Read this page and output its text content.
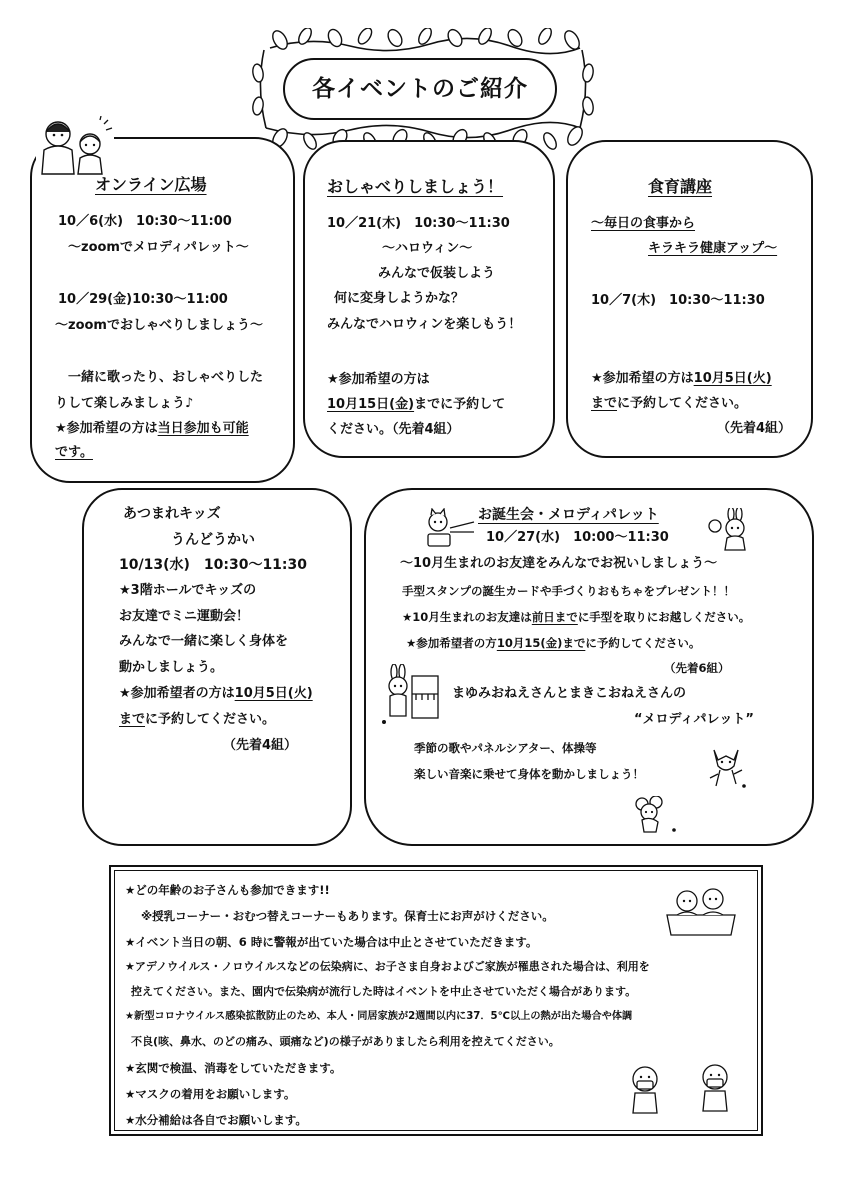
各イベントのご紹介
オンライン広場
10／6(水)　10:30～11:00
～zoomでメロディパレット～
10／29(金)10:30～11:00
～zoomでおしゃべりしましょう～
一緒に歌ったり、おしゃべりした
りして楽しみましょう♪
★参加希望の方は当日参加も可能
です。
おしゃべりしましょう！
10／21(木)　10:30～11:30
～ハロウィン～
みんなで仮装しよう
何に変身しようかな？
みんなでハロウィンを楽しもう！
★参加希望の方は
10月15日(金)までに予約して
ください。（先着4組）
食育講座
～毎日の食事から
キラキラ健康アップ～
10／7(木)　10:30～11:30
★参加希望の方は10月5日(火)
までに予約してください。
（先着4組）
あつまれキッズ
うんどうかい
10/13(水)　10:30～11:30
★3階ホールでキッズの
お友達でミニ運動会！
みんなで一緒に楽しく身体を
動かしましょう。
★参加希望者の方は10月5日(火)
までに予約してください。
（先着4組）
お誕生会・メロディパレット
10／27(水)　10:00～11:30
～10月生まれのお友達をみんなでお祝いしましょう～
手型スタンプの誕生カードや手づくりおもちゃをプレゼント！！
★10月生まれのお友達は前日までに手型を取りにお越しください。
★参加希望者の方10月15(金)までに予約してください。
（先着6組）
まゆみおねえさんとまきこおねえさんの
“メロディパレット”
季節の歌やパネルシアター、体操等
楽しい音楽に乗せて身体を動かしましょう！
★どの年齢のお子さんも参加できます!!
※授乳コーナー・おむつ替えコーナーもあります。保育士にお声がけください。
★イベント当日の朝、6 時に警報が出ていた場合は中止とさせていただきます。
★アデノウイルス・ノロウイルスなどの伝染病に、お子さま自身およびご家族が罹患された場合は、利用を
控えてください。また、園内で伝染病が流行した時はイベントを中止させていただく場合があります。
★新型コロナウイルス感染拡散防止のため、本人・同居家族が2週間以内に37．5℃以上の熱が出た場合や体調
不良(咳、鼻水、のどの痛み、頭痛など)の様子がありましたら利用を控えてください。
★玄関で検温、消毒をしていただきます。
★マスクの着用をお願いします。
★水分補給は各自でお願いします。
